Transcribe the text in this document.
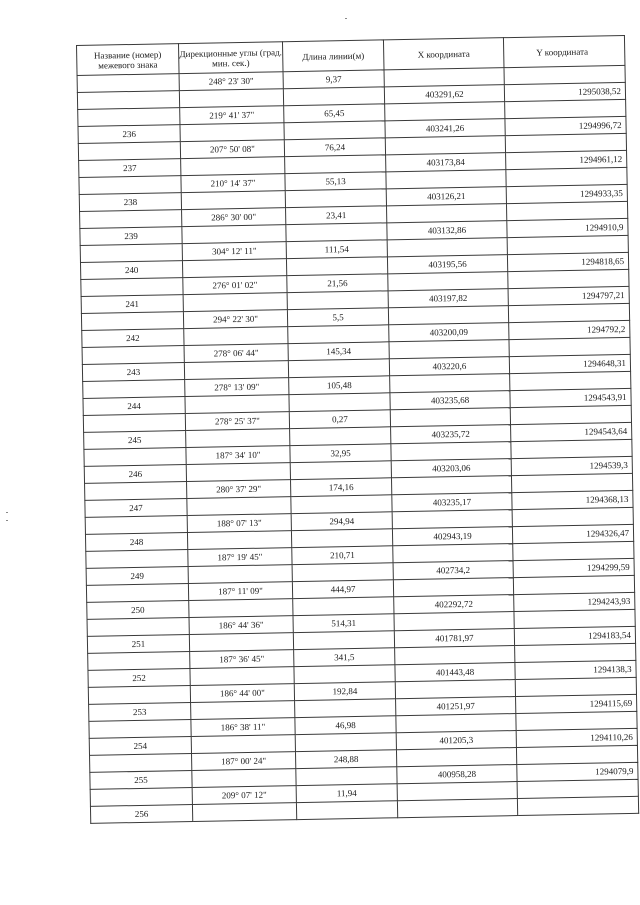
Название (номер) межевого знака	Дирекционные углы (град. мин. сек.)	Длина линии(м)	X координата	Y координата
	248° 23' 30"	9,37		
			403291,62	1295038,52
	219° 41' 37"	65,45		
236			403241,26	1294996,72
	207° 50' 08"	76,24		
237			403173,84	1294961,12
	210° 14' 37"	55,13		
238			403126,21	1294933,35
	286° 30' 00"	23,41		
239			403132,86	1294910,9
	304° 12' 11"	111,54		
240			403195,56	1294818,65
	276° 01' 02"	21,56		
241			403197,82	1294797,21
	294° 22' 30"	5,5		
242			403200,09	1294792,2
	278° 06' 44"	145,34		
243			403220,6	1294648,31
	278° 13' 09"	105,48		
244			403235,68	1294543,91
	278° 25' 37"	0,27		
245			403235,72	1294543,64
	187° 34' 10"	32,95		
246			403203,06	1294539,3
	280° 37' 29"	174,16		
247			403235,17	1294368,13
	188° 07' 13"	294,94		
248			402943,19	1294326,47
	187° 19' 45"	210,71		
249			402734,2	1294299,59
	187° 11' 09"	444,97		
250			402292,72	1294243,93
	186° 44' 36"	514,31		
251			401781,97	1294183,54
	187° 36' 45"	341,5		
252			401443,48	1294138,3
	186° 44' 00"	192,84		
253			401251,97	1294115,69
	186° 38' 11"	46,98		
254			401205,3	1294110,26
	187° 00' 24"	248,88		
255			400958,28	1294079,9
	209° 07' 12"	11,94		
256				
